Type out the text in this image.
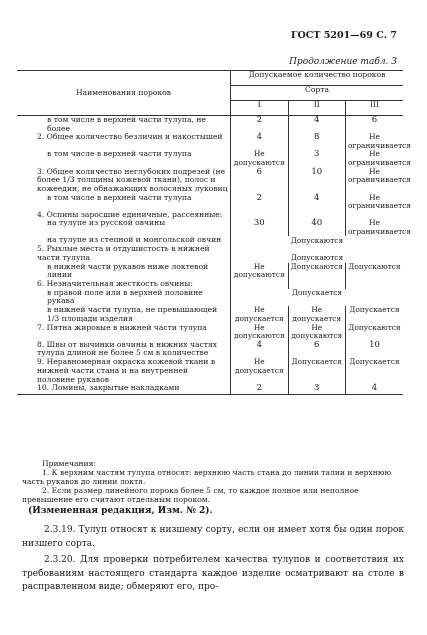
ГОСТ 5201—69 С. 7
Продолжение табл. 3
Наименования пороков	Допускаемое количество пороков		
	Сорта		
	I	II	III
в том числе в верхней части тулупа, не более	2	4	6
2. Общее количество безличин и накостышей	4	8	Не ограничивается
в том числе в верхней части тулупа	Не допускаются	3	Не ограничивается
3. Общее количество неглубоких подрезей (не более 1/3 толщины кожевой ткани), полос и кожеедин, не обнажающих волосяных луковиц	6	10	Не ограничивается
в том числе в верхней части тулупа	2	4	Не ограничивается
4. Оспины заросшие единичные, рассеянные:			
на тулупе из русской овчины	30	40	Не ограничивается
на тулупе из степной и монгольской овчин	Допускаются		
5. Рыхлые места и отдушистость в нижней части тулупа	Допускаются		
в нижней части рукавов ниже локтевой линии	Не допускаются	Допускаются	Допускаются
6. Незначительная жесткость овчины:			
в правой поле или в верхней половине рукава	Допускается		
в нижней части тулупа, не превышающей 1/3 площади изделия	Не допускается	Не допускается	Допускается
7. Пятна жировые в нижней части тулупа	Не допускаются	Не допускаются	Допускаются
8. Швы от вычинки овчины в нижних частях тулупа длиной не более 5 см в количестве	4	6	10
9. Неравномерная окраска кожевой ткани в нижней части стана и на внутренней половине рукавов	Не допускается	Допускается	Допускается
10. Ломины, закрытые накладками	2	3	4
Примечания:

1. К верхним частям тулупа относят: верхнюю часть стана до линии талии и верхнюю часть рукавов до линии локтя.

2. Если размер линейного порока более 5 см, то каждое полное или неполное превышение его считают отдельным пороком.

(Измененная редакция, Изм. № 2).

2.3.19. Тулуп относят к низшему сорту, если он имеет хотя бы один порок низшего сорта.

2.3.20. Для проверки потребителем качества тулупов и соответствия их требованиям настоящего стандарта каждое изделие осматривают на столе в расправленном виде; обмеряют его, про-
